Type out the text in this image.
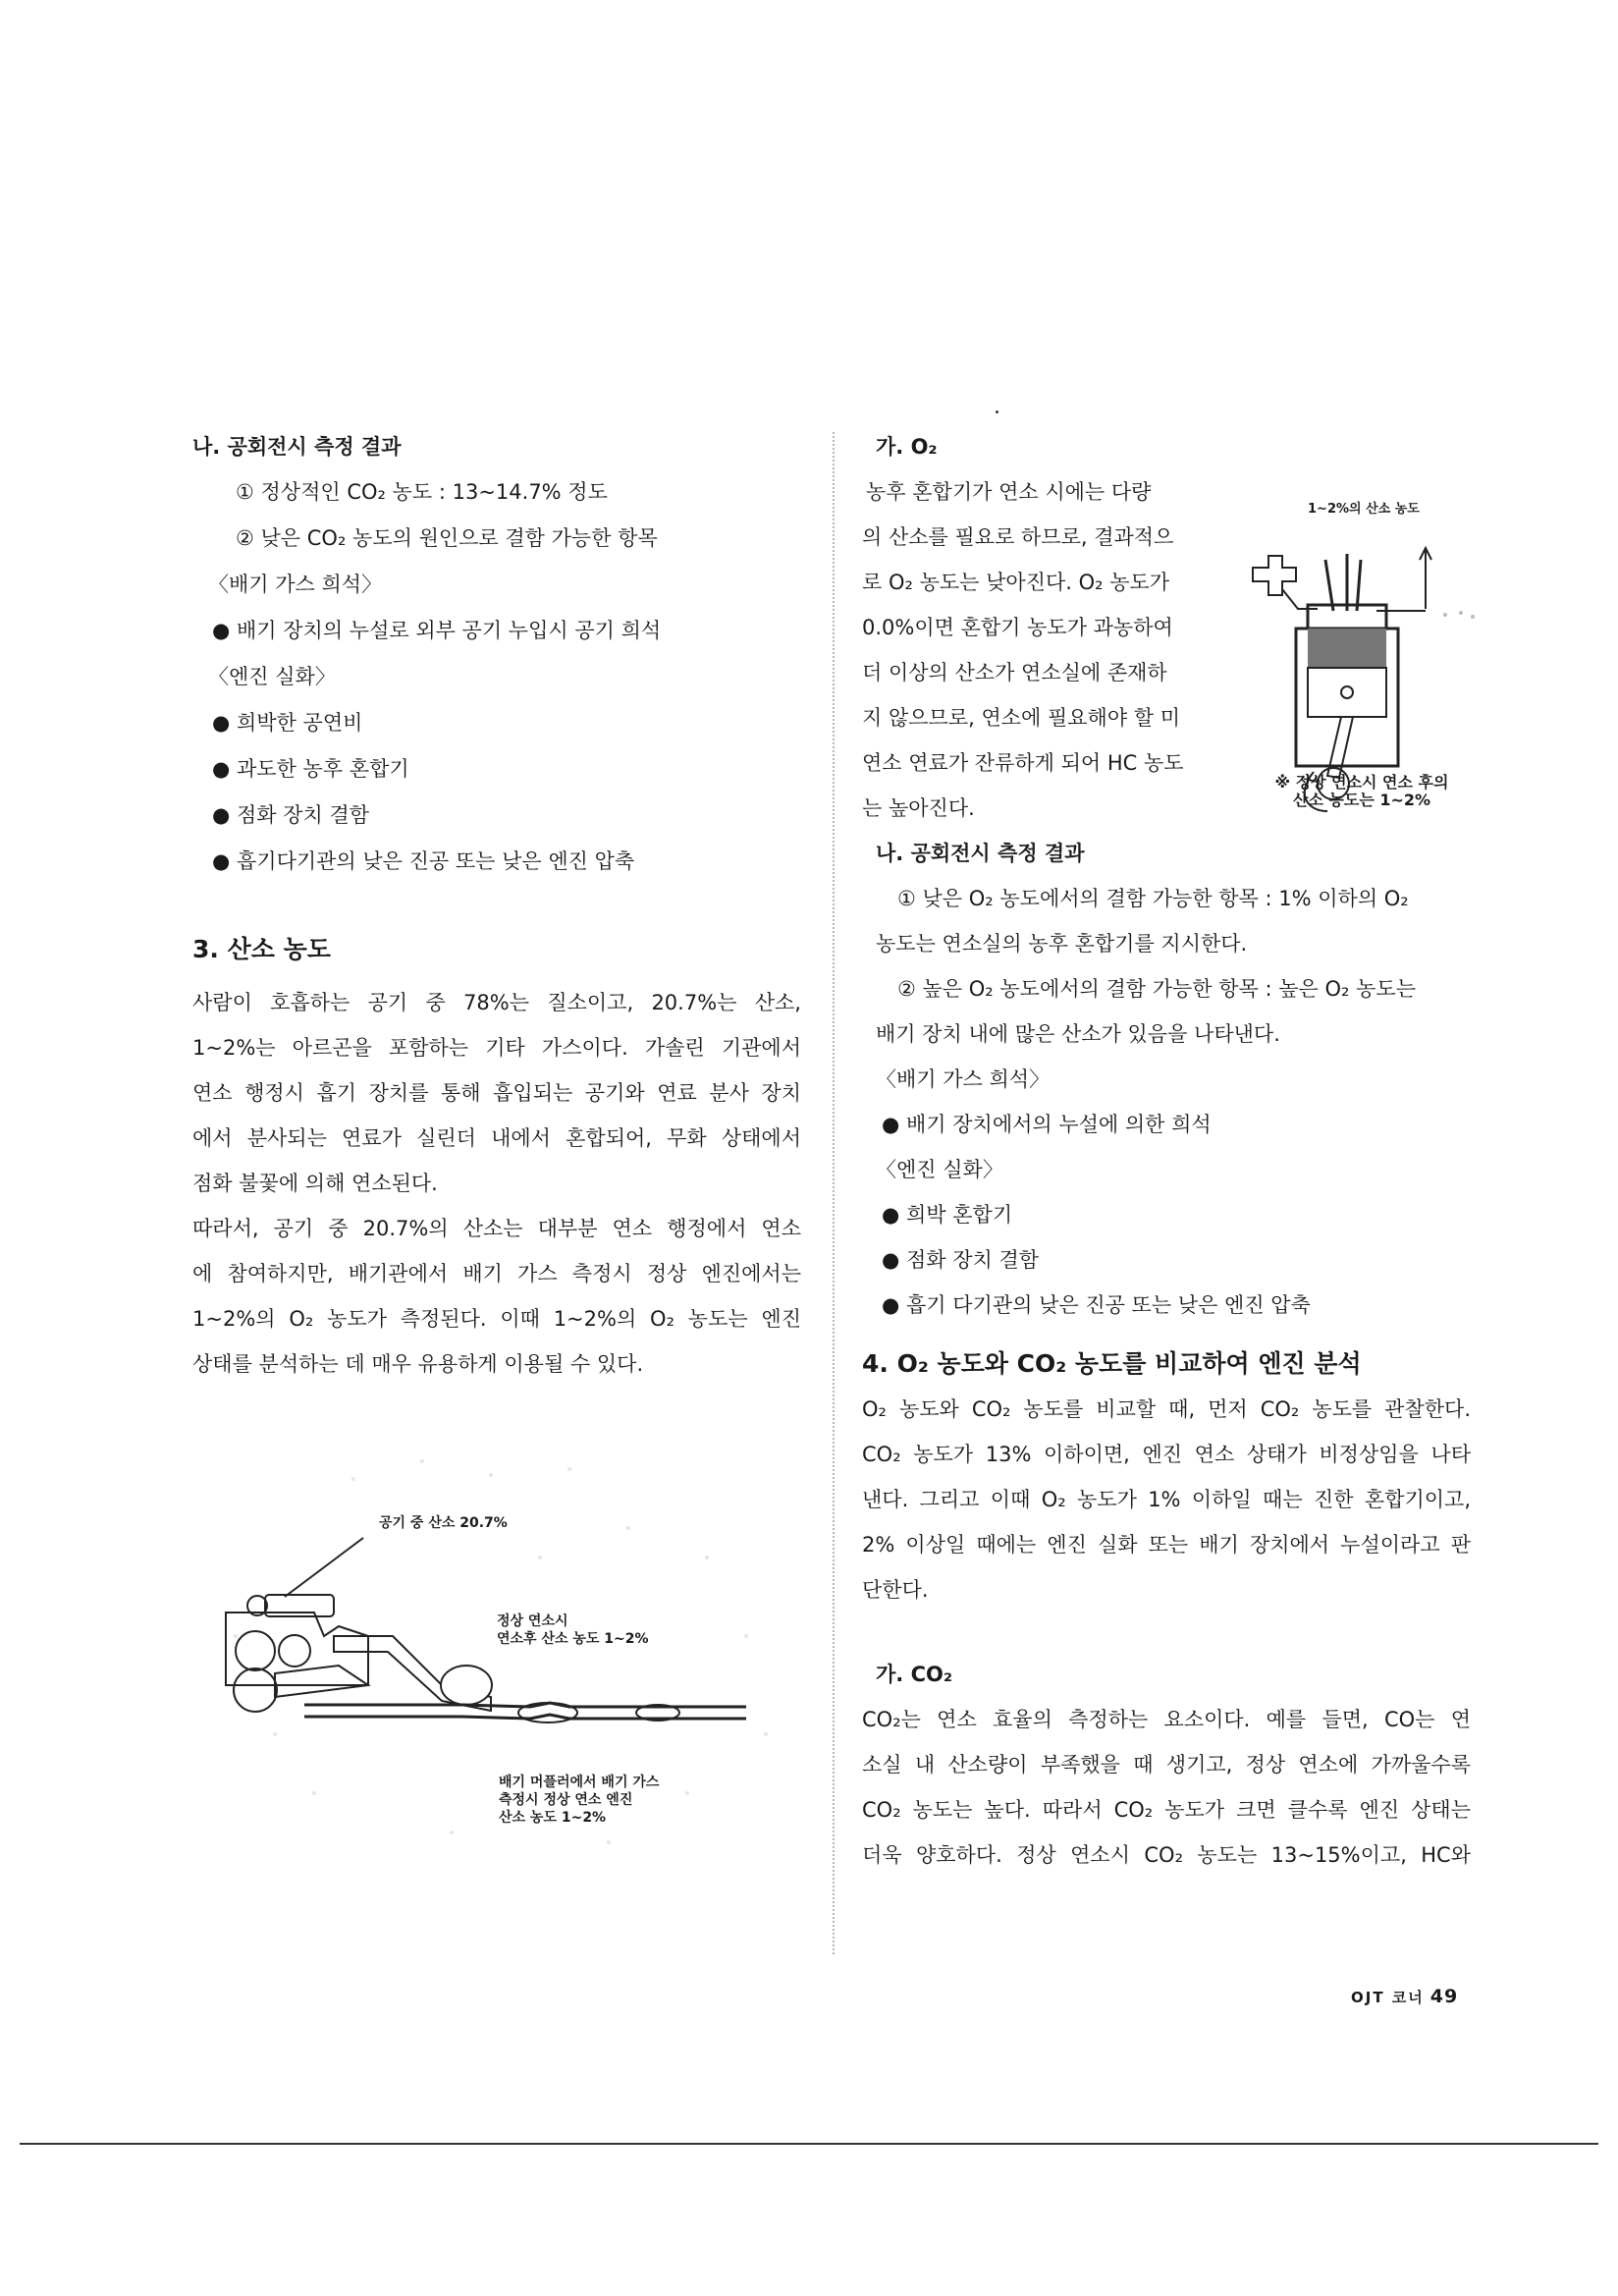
나. 공회전시 측정 결과
① 정상적인 CO₂ 농도 : 13~14.7% 정도
② 낮은 CO₂ 농도의 원인으로 결함 가능한 항목
〈배기 가스 희석〉
● 배기 장치의 누설로 외부 공기 누입시 공기 희석
〈엔진 실화〉
● 희박한 공연비
● 과도한 농후 혼합기
● 점화 장치 결함
● 흡기다기관의 낮은 진공 또는 낮은 엔진 압축
3. 산소 농도
사람이 호흡하는 공기 중 78%는 질소이고, 20.7%는 산소,
1~2%는 아르곤을 포함하는 기타 가스이다. 가솔린 기관에서
연소 행정시 흡기 장치를 통해 흡입되는 공기와 연료 분사 장치
에서 분사되는 연료가 실린더 내에서 혼합되어, 무화 상태에서
점화 불꽃에 의해 연소된다.
따라서, 공기 중 20.7%의 산소는 대부분 연소 행정에서 연소
에 참여하지만, 배기관에서 배기 가스 측정시 정상 엔진에서는
1~2%의 O₂ 농도가 측정된다. 이때 1~2%의 O₂ 농도는 엔진
상태를 분석하는 데 매우 유용하게 이용될 수 있다.
공기 중 산소 20.7%
정상 연소시
연소후 산소 농도 1~2%
배기 머플러에서 배기 가스
측정시 정상 연소 엔진
산소 농도 1~2%
가. O₂
농후 혼합기가 연소 시에는 다량
의 산소를 필요로 하므로, 결과적으
로 O₂ 농도는 낮아진다. O₂ 농도가
0.0%이면 혼합기 농도가 과농하여
더 이상의 산소가 연소실에 존재하
지 않으므로, 연소에 필요해야 할 미
연소 연료가 잔류하게 되어 HC 농도
는 높아진다.
나. 공회전시 측정 결과
① 낮은 O₂ 농도에서의 결함 가능한 항목 : 1% 이하의 O₂
농도는 연소실의 농후 혼합기를 지시한다.
② 높은 O₂ 농도에서의 결함 가능한 항목 : 높은 O₂ 농도는
배기 장치 내에 많은 산소가 있음을 나타낸다.
〈배기 가스 희석〉
● 배기 장치에서의 누설에 의한 희석
〈엔진 실화〉
● 희박 혼합기
● 점화 장치 결함
● 흡기 다기관의 낮은 진공 또는 낮은 엔진 압축
4. O₂ 농도와 CO₂ 농도를 비교하여 엔진 분석
O₂ 농도와 CO₂ 농도를 비교할 때, 먼저 CO₂ 농도를 관찰한다.
CO₂ 농도가 13% 이하이면, 엔진 연소 상태가 비정상임을 나타
낸다. 그리고 이때 O₂ 농도가 1% 이하일 때는 진한 혼합기이고,
2% 이상일 때에는 엔진 실화 또는 배기 장치에서 누설이라고 판
단한다.
가. CO₂
CO₂는 연소 효율의 측정하는 요소이다. 예를 들면, CO는 연
소실 내 산소량이 부족했을 때 생기고, 정상 연소에 가까울수록
CO₂ 농도는 높다. 따라서 CO₂ 농도가 크면 클수록 엔진 상태는
더욱 양호하다. 정상 연소시 CO₂ 농도는 13~15%이고, HC와
1~2%의 산소 농도
※ 정상 연소시 연소 후의
산소 농도는 1~2%
OJT 코너 49
